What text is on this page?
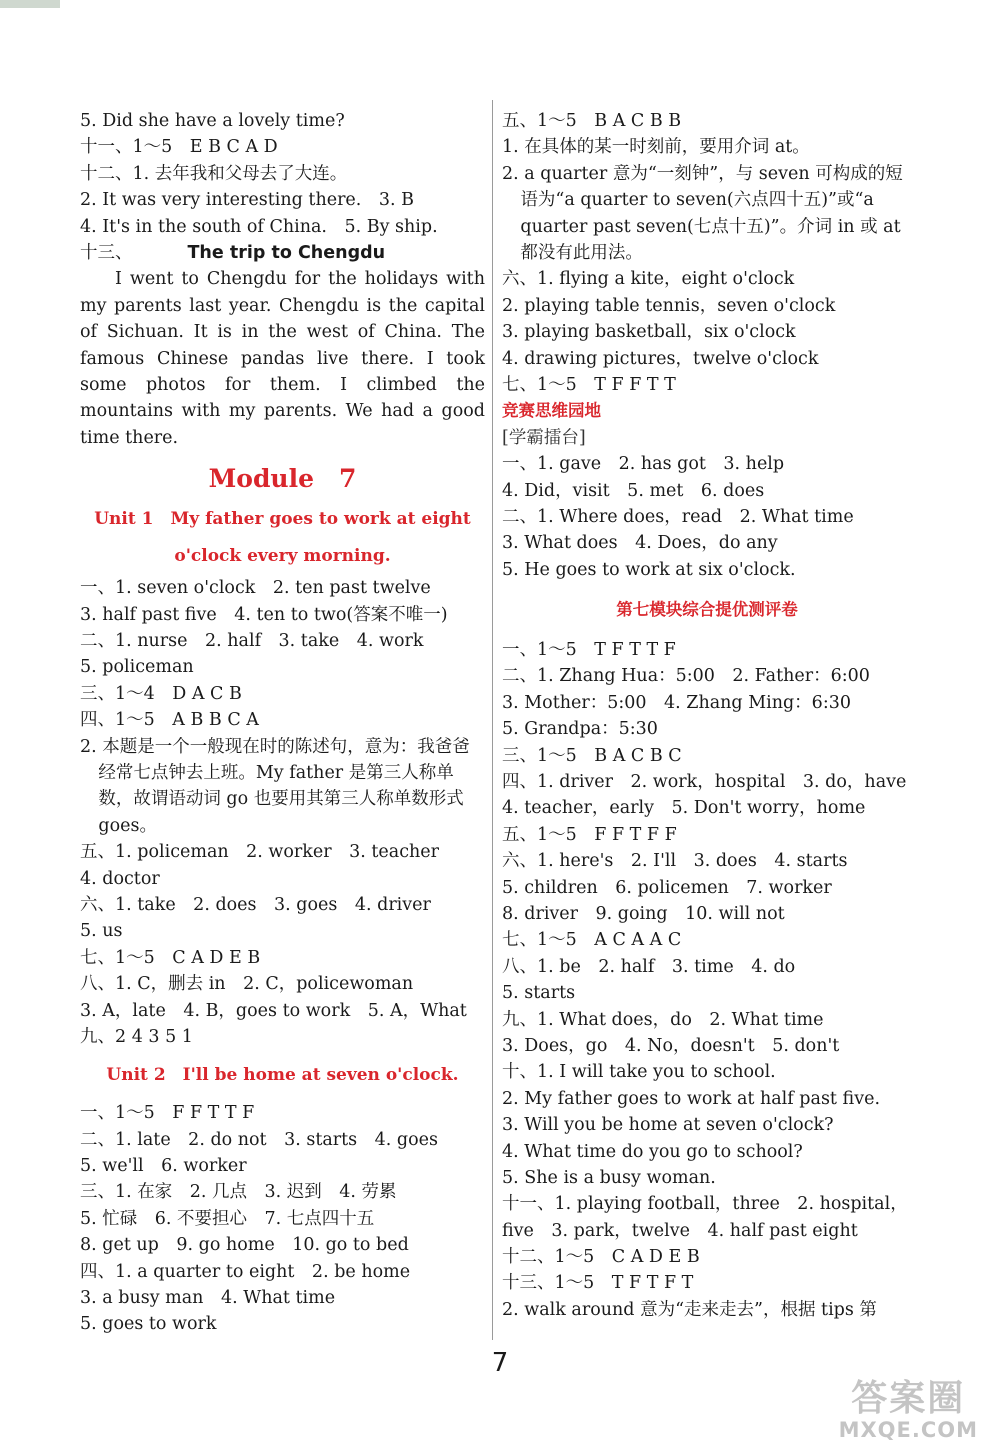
5. Did she have a lovely time?
十一、1～5　E B C A D
十二、1. 去年我和父母去了大连。
2. It was very interesting there.　3. B
4. It's in the south of China.　5. By ship.
十三、	The trip to Chengdu
I went to Chengdu for the holidays with my parents last year. Chengdu is the capital of Sichuan. It is in the west of China. The famous Chinese pandas live there. I took some photos for them. I climbed the mountains with my parents. We had a good time there.
Module　7
Unit 1　My father goes to work at eight
o'clock every morning.
一、1. seven o'clock　2. ten past twelve
3. half past five　4. ten to two(答案不唯一)
二、1. nurse　2. half　3. take　4. work
5. policeman
三、1～4　D A C B
四、1～5　A B B C A
2. 本题是一个一般现在时的陈述句，意为：我爸爸经常七点钟去上班。My father 是第三人称单数，故谓语动词 go 也要用其第三人称单数形式 goes。
五、1. policeman　2. worker　3. teacher
4. doctor
六、1. take　2. does　3. goes　4. driver
5. us
七、1～5　C A D E B
八、1. C，删去 in　2. C，policewoman
3. A，late　4. B，goes to work　5. A，What
九、2 4 3 5 1
Unit 2　I'll be home at seven o'clock.
一、1～5　F F T T F
二、1. late　2. do not　3. starts　4. goes
5. we'll　6. worker
三、1. 在家　2. 几点　3. 迟到　4. 劳累
5. 忙碌　6. 不要担心　7. 七点四十五
8. get up　9. go home　10. go to bed
四、1. a quarter to eight　2. be home
3. a busy man　4. What time
5. goes to work
五、1～5　B A C B B
1. 在具体的某一时刻前，要用介词 at。
2. a quarter 意为“一刻钟”，与 seven 可构成的短语为“a quarter to seven(六点四十五)”或“a quarter past seven(七点十五)”。介词 in 或 at 都没有此用法。
六、1. flying a kite，eight o'clock
2. playing table tennis，seven o'clock
3. playing basketball，six o'clock
4. drawing pictures，twelve o'clock
七、1～5　T F F T T
竞赛思维园地
[学霸擂台]
一、1. gave　2. has got　3. help
4. Did，visit　5. met　6. does
二、1. Where does，read　2. What time
3. What does　4. Does，do any
5. He goes to work at six o'clock.
第七模块综合提优测评卷
一、1～5　T F T T F
二、1. Zhang Hua：5:00　2. Father：6:00
3. Mother：5:00　4. Zhang Ming：6:30
5. Grandpa：5:30
三、1～5　B A C B C
四、1. driver　2. work，hospital　3. do，have
4. teacher，early　5. Don't worry，home
五、1～5　F F T F F
六、1. here's　2. I'll　3. does　4. starts
5. children　6. policemen　7. worker
8. driver　9. going　10. will not
七、1～5　A C A A C
八、1. be　2. half　3. time　4. do
5. starts
九、1. What does，do　2. What time
3. Does，go　4. No，doesn't　5. don't
十、1. I will take you to school.
2. My father goes to work at half past five.
3. Will you be home at seven o'clock?
4. What time do you go to school?
5. She is a busy woman.
十一、1. playing football，three　2. hospital，
five　3. park，twelve　4. half past eight
十二、1～5　C A D E B
十三、1～5　T F T F T
2. walk around 意为“走来走去”，根据 tips 第
7
答案圈
MXQE.COM
